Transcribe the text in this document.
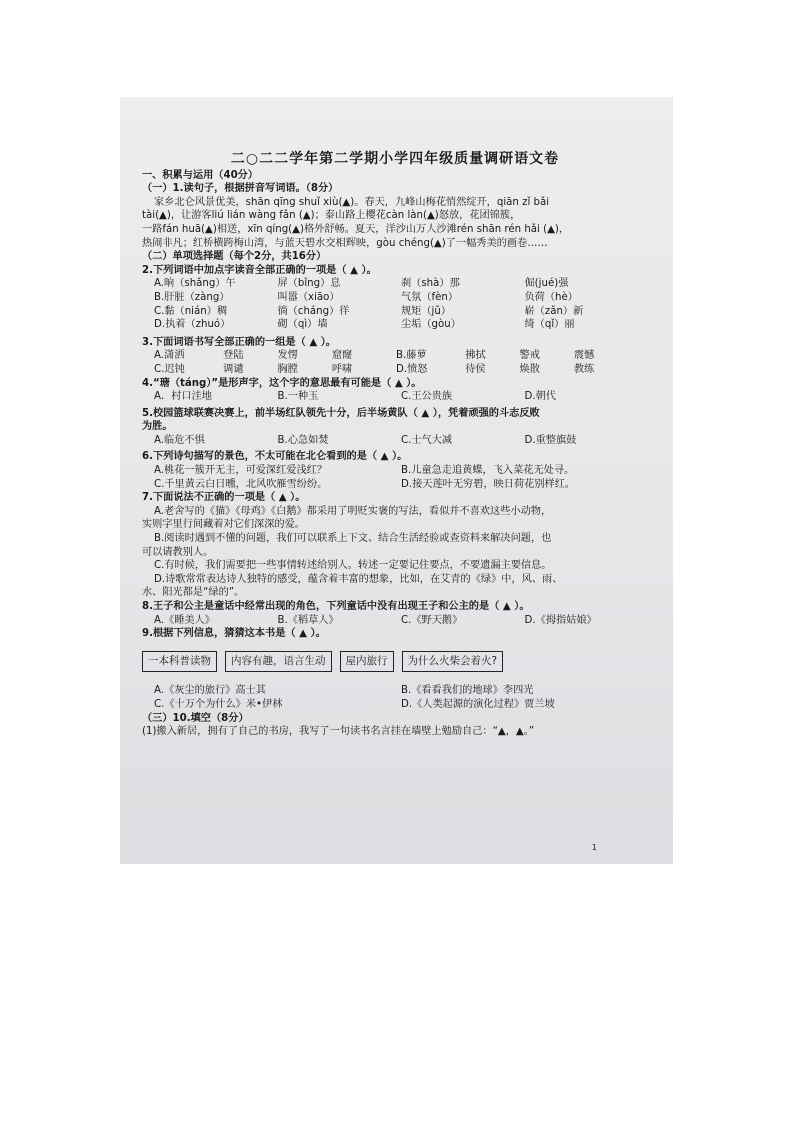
二○二二学年第二学期小学四年级质量调研语文卷
一、积累与运用（40分）
（一）1.读句子，根据拼音写词语。（8分）
家乡北仑风景优美，shān qīng shuǐ xiù(▲)。春天，九峰山梅花悄然绽开，qiān zǐ bǎi
tài(▲)，让游客liú lián wàng fǎn (▲)；泰山路上樱花càn làn(▲)怒放，花团锦簇，
一路fán huā(▲)相送，xīn qíng(▲)格外舒畅。夏天，洋沙山万人沙滩rén shān rén hǎi (▲)，
热闹非凡；红桥横跨梅山湾，与蓝天碧水交相辉映，gòu chéng(▲)了一幅秀美的画卷……
（二）单项选择题（每个2分，共16分）
2.下列词语中加点字读音全部正确的一项是（ ▲ ）。
A.晌（shǎng）午	屏（bǐng）息	刹（shà）那	倔(jué)强
B.肝脏（zàng）	叫嚣（xiāo）	气氛（fèn）	负荷（hè）
C.黏（nián）稠	徜（cháng）徉	规矩（jǔ）	崭（zǎn）新
D.执着（zhuó）	砌（qì）墙	尘垢（gòu）	绮（qǐ）丽
3.下面词语书写全部正确的一组是（ ▲ ）。
A.潇洒	登陆	发愣	窟窿	B.藤萝	拂拭	警戒	震憾
C.迟钝	调谴	胸膛	呼啸	D.愤怒	待侯	焕散	教练
4.“瑭（táng）”是形声字，这个字的意思最有可能是（ ▲ ）。
A．村口洼地	B.一种玉	C.王公贵族	D.朝代
5.校园篮球联赛决赛上，前半场红队领先十分，后半场黄队（ ▲ ），凭着顽强的斗志反败
为胜。
A.临危不惧	B.心急如焚	C.士气大减	D.重整旗鼓
6.下列诗句描写的景色，不太可能在北仑看到的是（ ▲ ）。
A.桃花一簇开无主，可爱深红爱浅红？	B.儿童急走追黄蝶，飞入菜花无处寻。
C.千里黄云白日曛，北风吹雁雪纷纷。	D.接天莲叶无穷碧，映日荷花别样红。
7.下面说法不正确的一项是（ ▲ ）。
A.老舍写的《猫》《母鸡》《白鹅》都采用了明贬实褒的写法，看似并不喜欢这些小动物，
实则字里行间藏着对它们深深的爱。
B.阅读时遇到不懂的问题，我们可以联系上下文、结合生活经验或查资料来解决问题，也
可以请教别人。
C.有时候，我们需要把一些事情转述给别人。转述一定要记住要点，不要遗漏主要信息。
D.诗歌常常表达诗人独特的感受，蕴含着丰富的想象，比如，在艾青的《绿》中，风、雨、
水、阳光都是“绿的”。
8.王子和公主是童话中经常出现的角色，下列童话中没有出现王子和公主的是（ ▲ ）。
A.《睡美人》	B.《稻草人》	C.《野天鹅》	D.《拇指姑娘》
9.根据下列信息，猜猜这本书是（ ▲ ）。
一本科普读物	内容有趣，语言生动	屋内旅行	为什么火柴会着火?
A.《灰尘的旅行》高士其	B.《看看我们的地球》李四光
C.《十万个为什么》米•伊林	D.《人类起源的演化过程》贾兰坡
（三）10.填空（8分）
(1)搬入新居，拥有了自己的书房，我写了一句读书名言挂在墙壁上勉励自己：“▲，▲。”
1
